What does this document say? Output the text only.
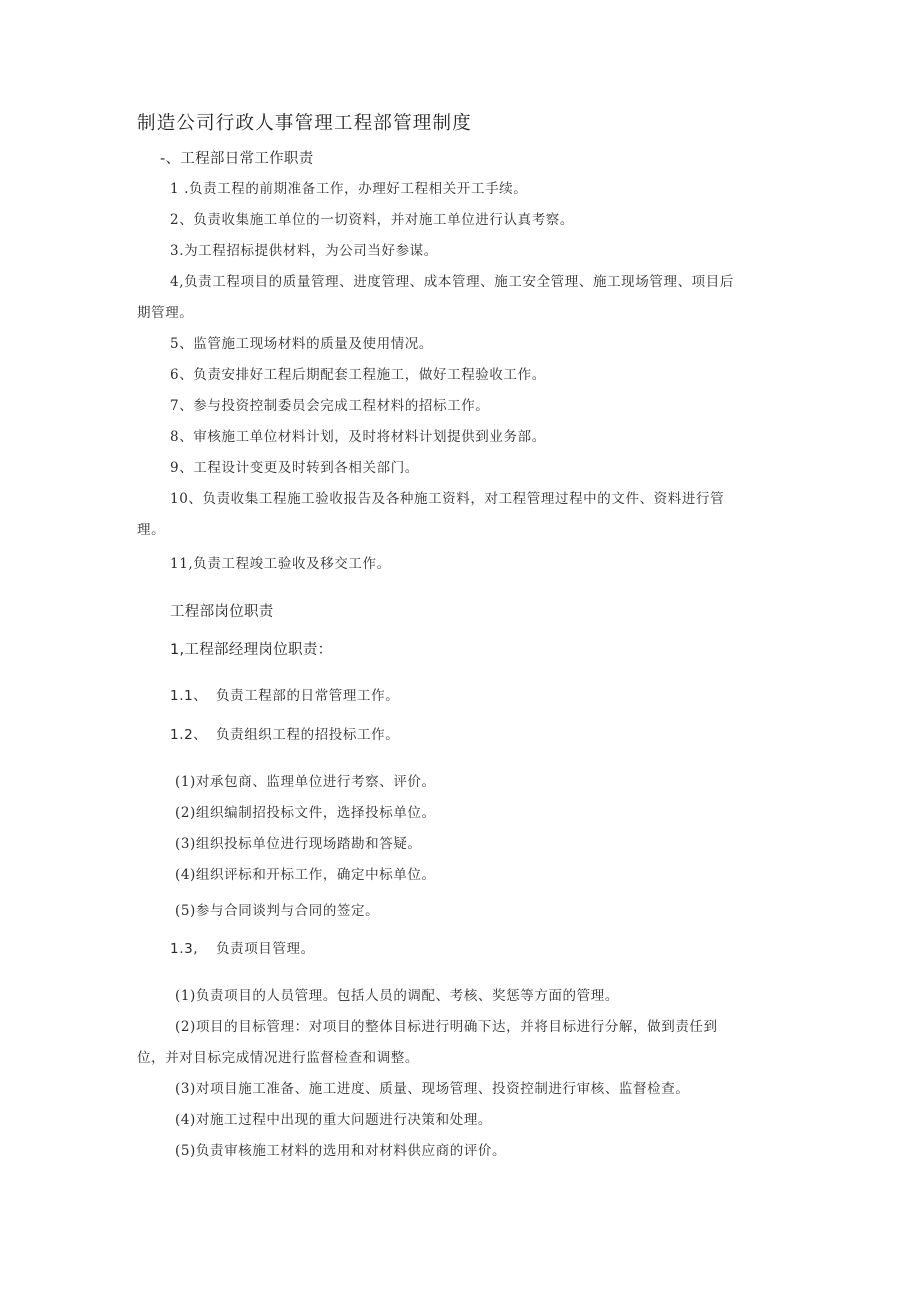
制造公司行政人事管理工程部管理制度
-、工程部日常工作职责
1 .负责工程的前期准备工作，办理好工程相关开工手续。
2、负责收集施工单位的一切资料，并对施工单位进行认真考察。
3.为工程招标提供材料，为公司当好参谋。
4,负责工程项目的质量管理、进度管理、成本管理、施工安全管理、施工现场管理、项目后
期管理。
5、监管施工现场材料的质量及使用情况。
6、负责安排好工程后期配套工程施工，做好工程验收工作。
7、参与投资控制委员会完成工程材料的招标工作。
8、审核施工单位材料计划，及时将材料计划提供到业务部。
9、工程设计变更及时转到各相关部门。
10、负责收集工程施工验收报告及各种施工资料，对工程管理过程中的文件、资料进行管
理。
11,负责工程竣工验收及移交工作。
工程部岗位职责
1,工程部经理岗位职责：
1.1、 负责工程部的日常管理工作。
1.2、 负责组织工程的招投标工作。
(1)对承包商、监理单位进行考察、评价。
(2)组织编制招投标文件，选择投标单位。
(3)组织投标单位进行现场踏勘和答疑。
(4)组织评标和开标工作，确定中标单位。
(5)参与合同谈判与合同的签定。
1.3, 负责项目管理。
(1)负责项目的人员管理。包括人员的调配、考核、奖惩等方面的管理。
(2)项目的目标管理：对项目的整体目标进行明确下达，并将目标进行分解，做到责任到
位，并对目标完成情况进行监督检查和调整。
(3)对项目施工准备、施工进度、质量、现场管理、投资控制进行审核、监督检查。
(4)对施工过程中出现的重大问题进行决策和处理。
(5)负责审核施工材料的选用和对材料供应商的评价。
